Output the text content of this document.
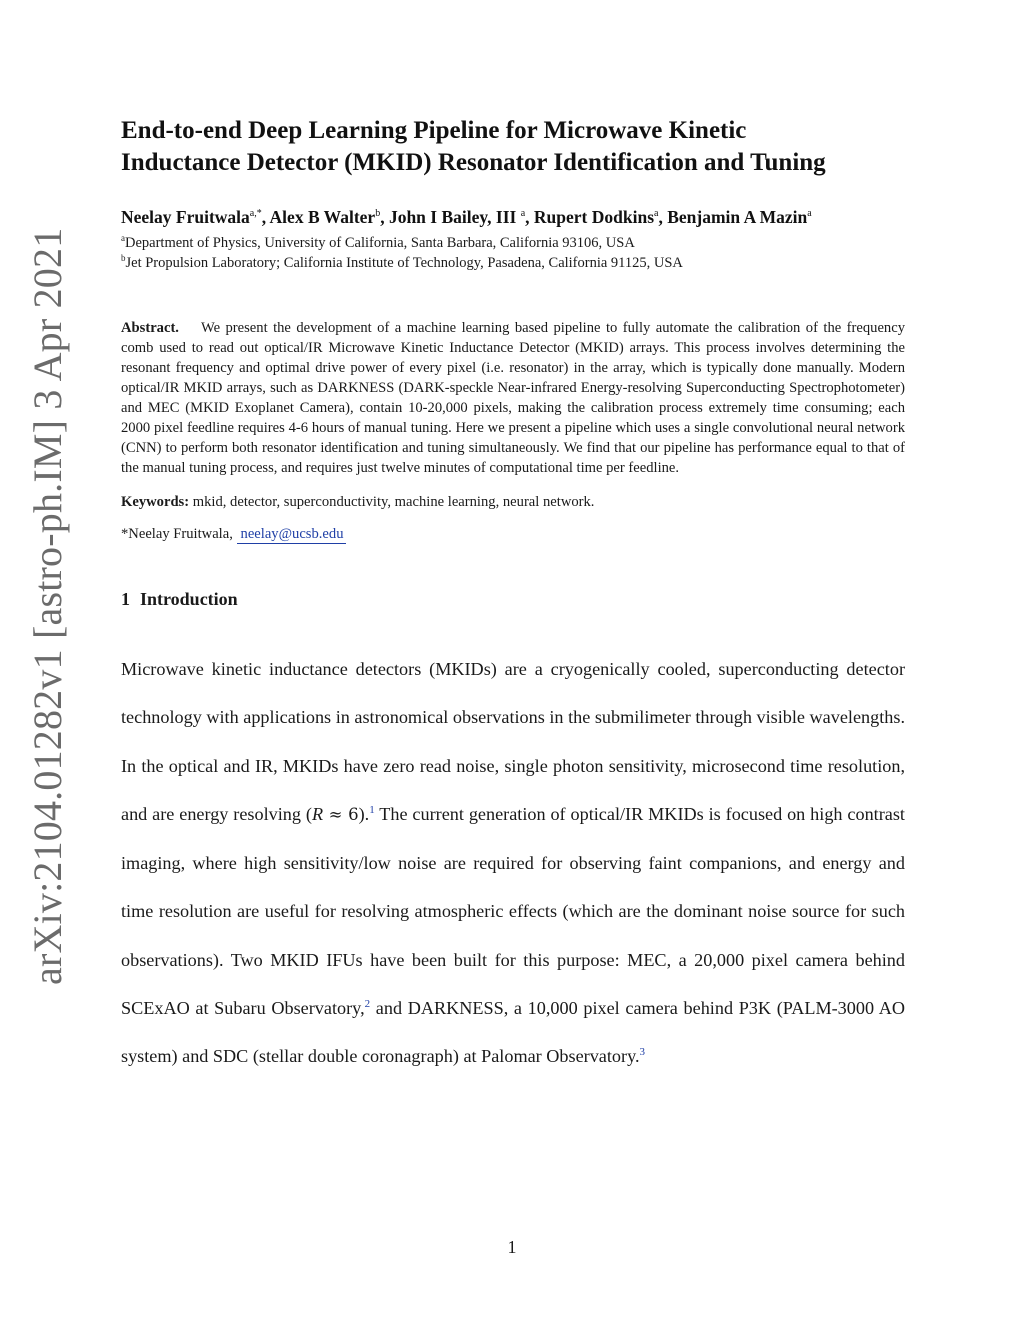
arXiv:2104.01282v1 [astro-ph.IM] 3 Apr 2021
End-to-end Deep Learning Pipeline for Microwave Kinetic
Inductance Detector (MKID) Resonator Identification and Tuning
Neelay Fruitwala$^{a,*}$, Alex B Walter$^b$, John I Bailey, III $^a$, Rupert Dodkins$^a$, Benjamin A Mazin$^a$
$^a$Department of Physics, University of California, Santa Barbara, California 93106, USA
$^b$Jet Propulsion Laboratory; California Institute of Technology, Pasadena, California 91125, USA
Abstract. We present the development of a machine learning based pipeline to fully automate the calibration of the frequency comb used to read out optical/IR Microwave Kinetic Inductance Detector (MKID) arrays. This process involves determining the resonant frequency and optimal drive power of every pixel (i.e. resonator) in the array, which is typically done manually. Modern optical/IR MKID arrays, such as DARKNESS (DARK-speckle Near-infrared Energy-resolving Superconducting Spectrophotometer) and MEC (MKID Exoplanet Camera), contain 10-20,000 pixels, making the calibration process extremely time consuming; each 2000 pixel feedline requires 4-6 hours of manual tuning. Here we present a pipeline which uses a single convolutional neural network (CNN) to perform both resonator identification and tuning simultaneously. We find that our pipeline has performance equal to that of the manual tuning process, and requires just twelve minutes of computational time per feedline.
Keywords: mkid, detector, superconductivity, machine learning, neural network.
*Neelay Fruitwala, neelay@ucsb.edu
1 Introduction
Microwave kinetic inductance detectors (MKIDs) are a cryogenically cooled, superconducting detector technology with applications in astronomical observations in the submilimeter through visible wavelengths. In the optical and IR, MKIDs have zero read noise, single photon sensitivity, microsecond time resolution, and are energy resolving (R ≈ 6).$^1$ The current generation of optical/IR MKIDs is focused on high contrast imaging, where high sensitivity/low noise are required for observing faint companions, and energy and time resolution are useful for resolving atmospheric effects (which are the dominant noise source for such observations). Two MKID IFUs have been built for this purpose: MEC, a 20,000 pixel camera behind SCExAO at Subaru Observatory,$^2$ and DARKNESS, a 10,000 pixel camera behind P3K (PALM-3000 AO system) and SDC (stellar double coronagraph) at Palomar Observatory.$^3$
1
